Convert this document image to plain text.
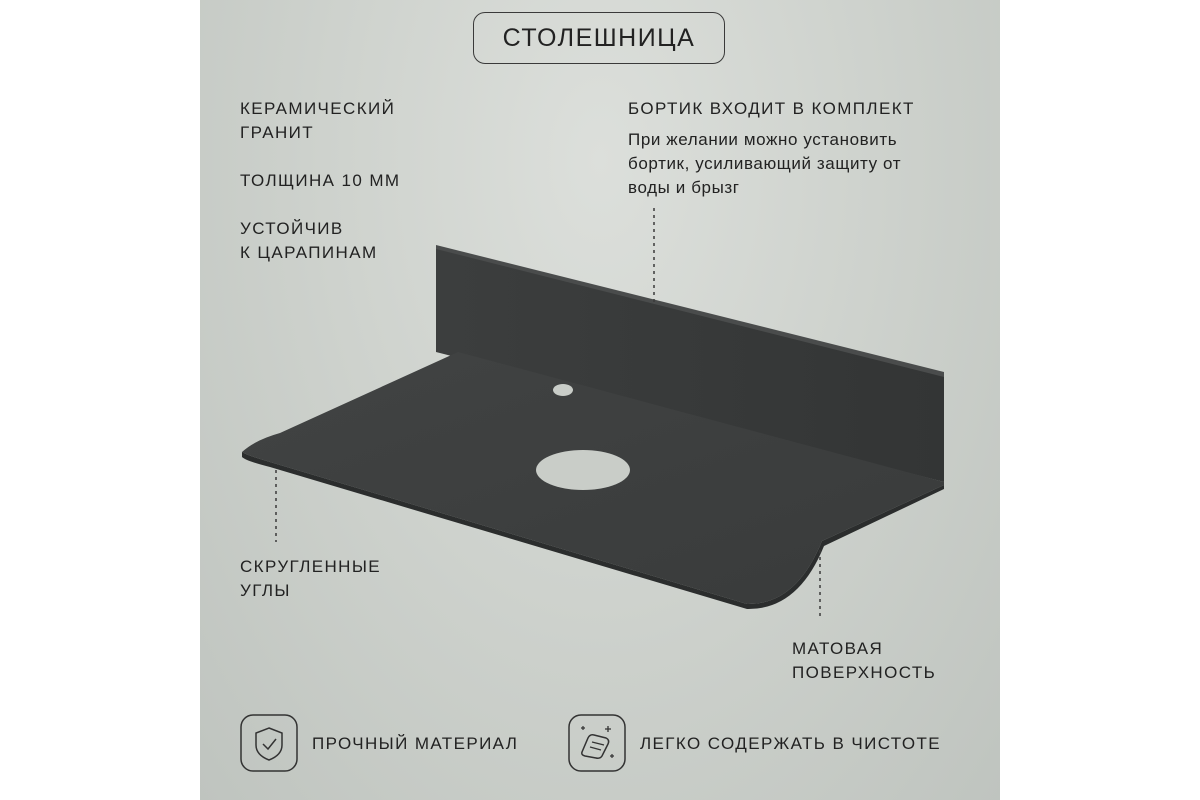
СТОЛЕШНИЦА
КЕРАМИЧЕСКИЙ
ГРАНИТ
ТОЛЩИНА 10 ММ
УСТОЙЧИВ
К ЦАРАПИНАМ
БОРТИК ВХОДИТ В КОМПЛЕКТ
При желании можно установить
бортик, усиливающий защиту от
воды и брызг
СКРУГЛЕННЫЕ
УГЛЫ
МАТОВАЯ
ПОВЕРХНОСТЬ
ПРОЧНЫЙ МАТЕРИАЛ	ЛЕГКО СОДЕРЖАТЬ В ЧИСТОТЕ
